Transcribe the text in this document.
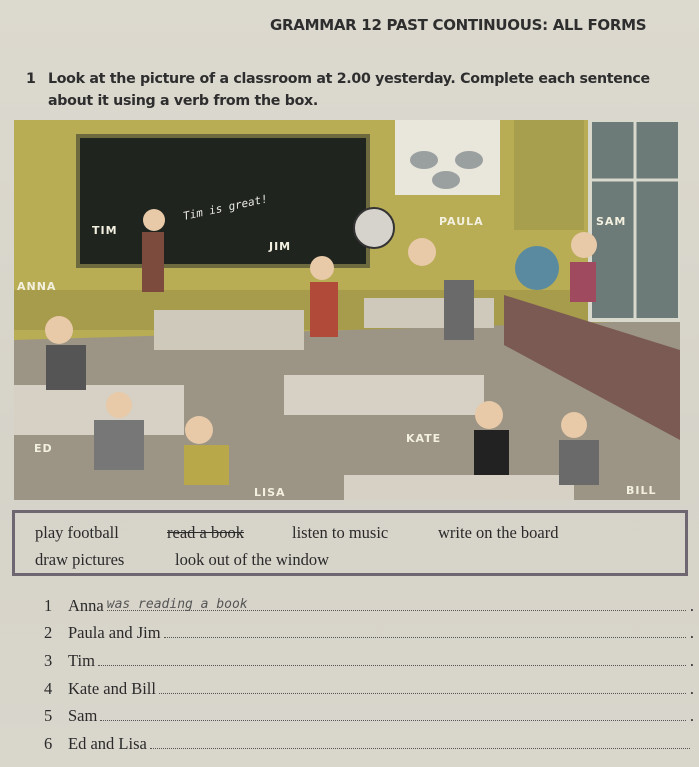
GRAMMAR 12 PAST CONTINUOUS: ALL FORMS
1 Look at the picture of a classroom at 2.00 yesterday. Complete each sentence about it using a verb from the box.
Tim is great!
TIM
JIM
PAULA	SAM
ANNA
ED
KATE
LISA	BILL
play football	read a book	listen to music	write on the board
draw pictures	look out of the window
1 Anna was reading a book	.
2 Paula and Jim	.
3 Tim	.
4 Kate and Bill	.
5 Sam	.
6 Ed and Lisa
